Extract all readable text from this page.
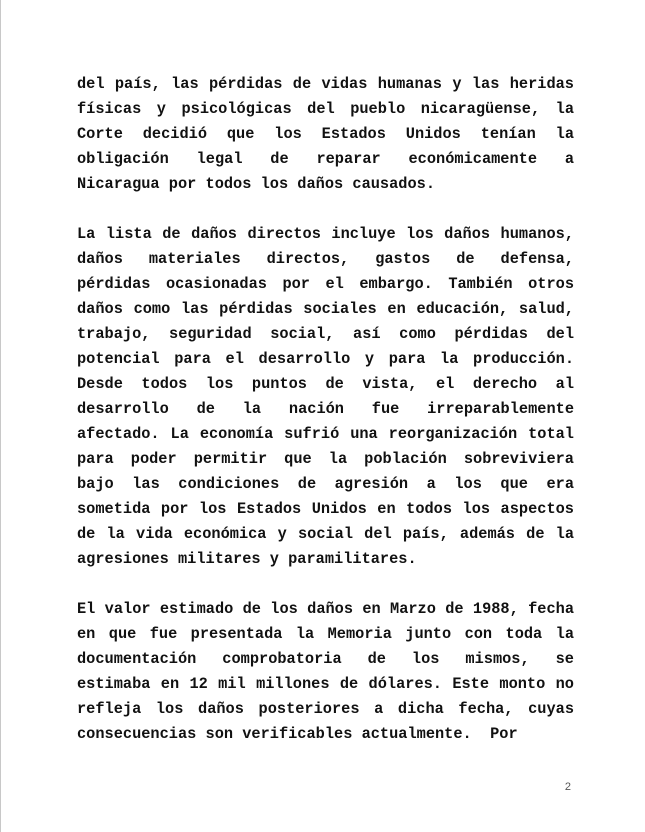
del país, las pérdidas de vidas humanas y las heridas
físicas y psicológicas del pueblo nicaragüense, la
Corte decidió que los Estados Unidos tenían la
obligación legal de reparar económicamente a
Nicaragua por todos los daños causados.
La lista de daños directos incluye los daños humanos,
daños materiales directos, gastos de defensa,
pérdidas ocasionadas por el embargo. También otros
daños como las pérdidas sociales en educación, salud,
trabajo, seguridad social, así como pérdidas del
potencial para el desarrollo y para la producción.
Desde todos los puntos de vista, el derecho al
desarrollo de la nación fue irreparablemente
afectado. La economía sufrió una reorganización total
para poder permitir que la población sobreviviera
bajo las condiciones de agresión a los que era
sometida por los Estados Unidos en todos los aspectos
de la vida económica y social del país, además de la
agresiones militares y paramilitares.
El valor estimado de los daños en Marzo de 1988, fecha
en que fue presentada la Memoria junto con toda la
documentación comprobatoria de los mismos, se
estimaba en 12 mil millones de dólares. Este monto no
refleja los daños posteriores a dicha fecha, cuyas
consecuencias son verificables actualmente.  Por
2
